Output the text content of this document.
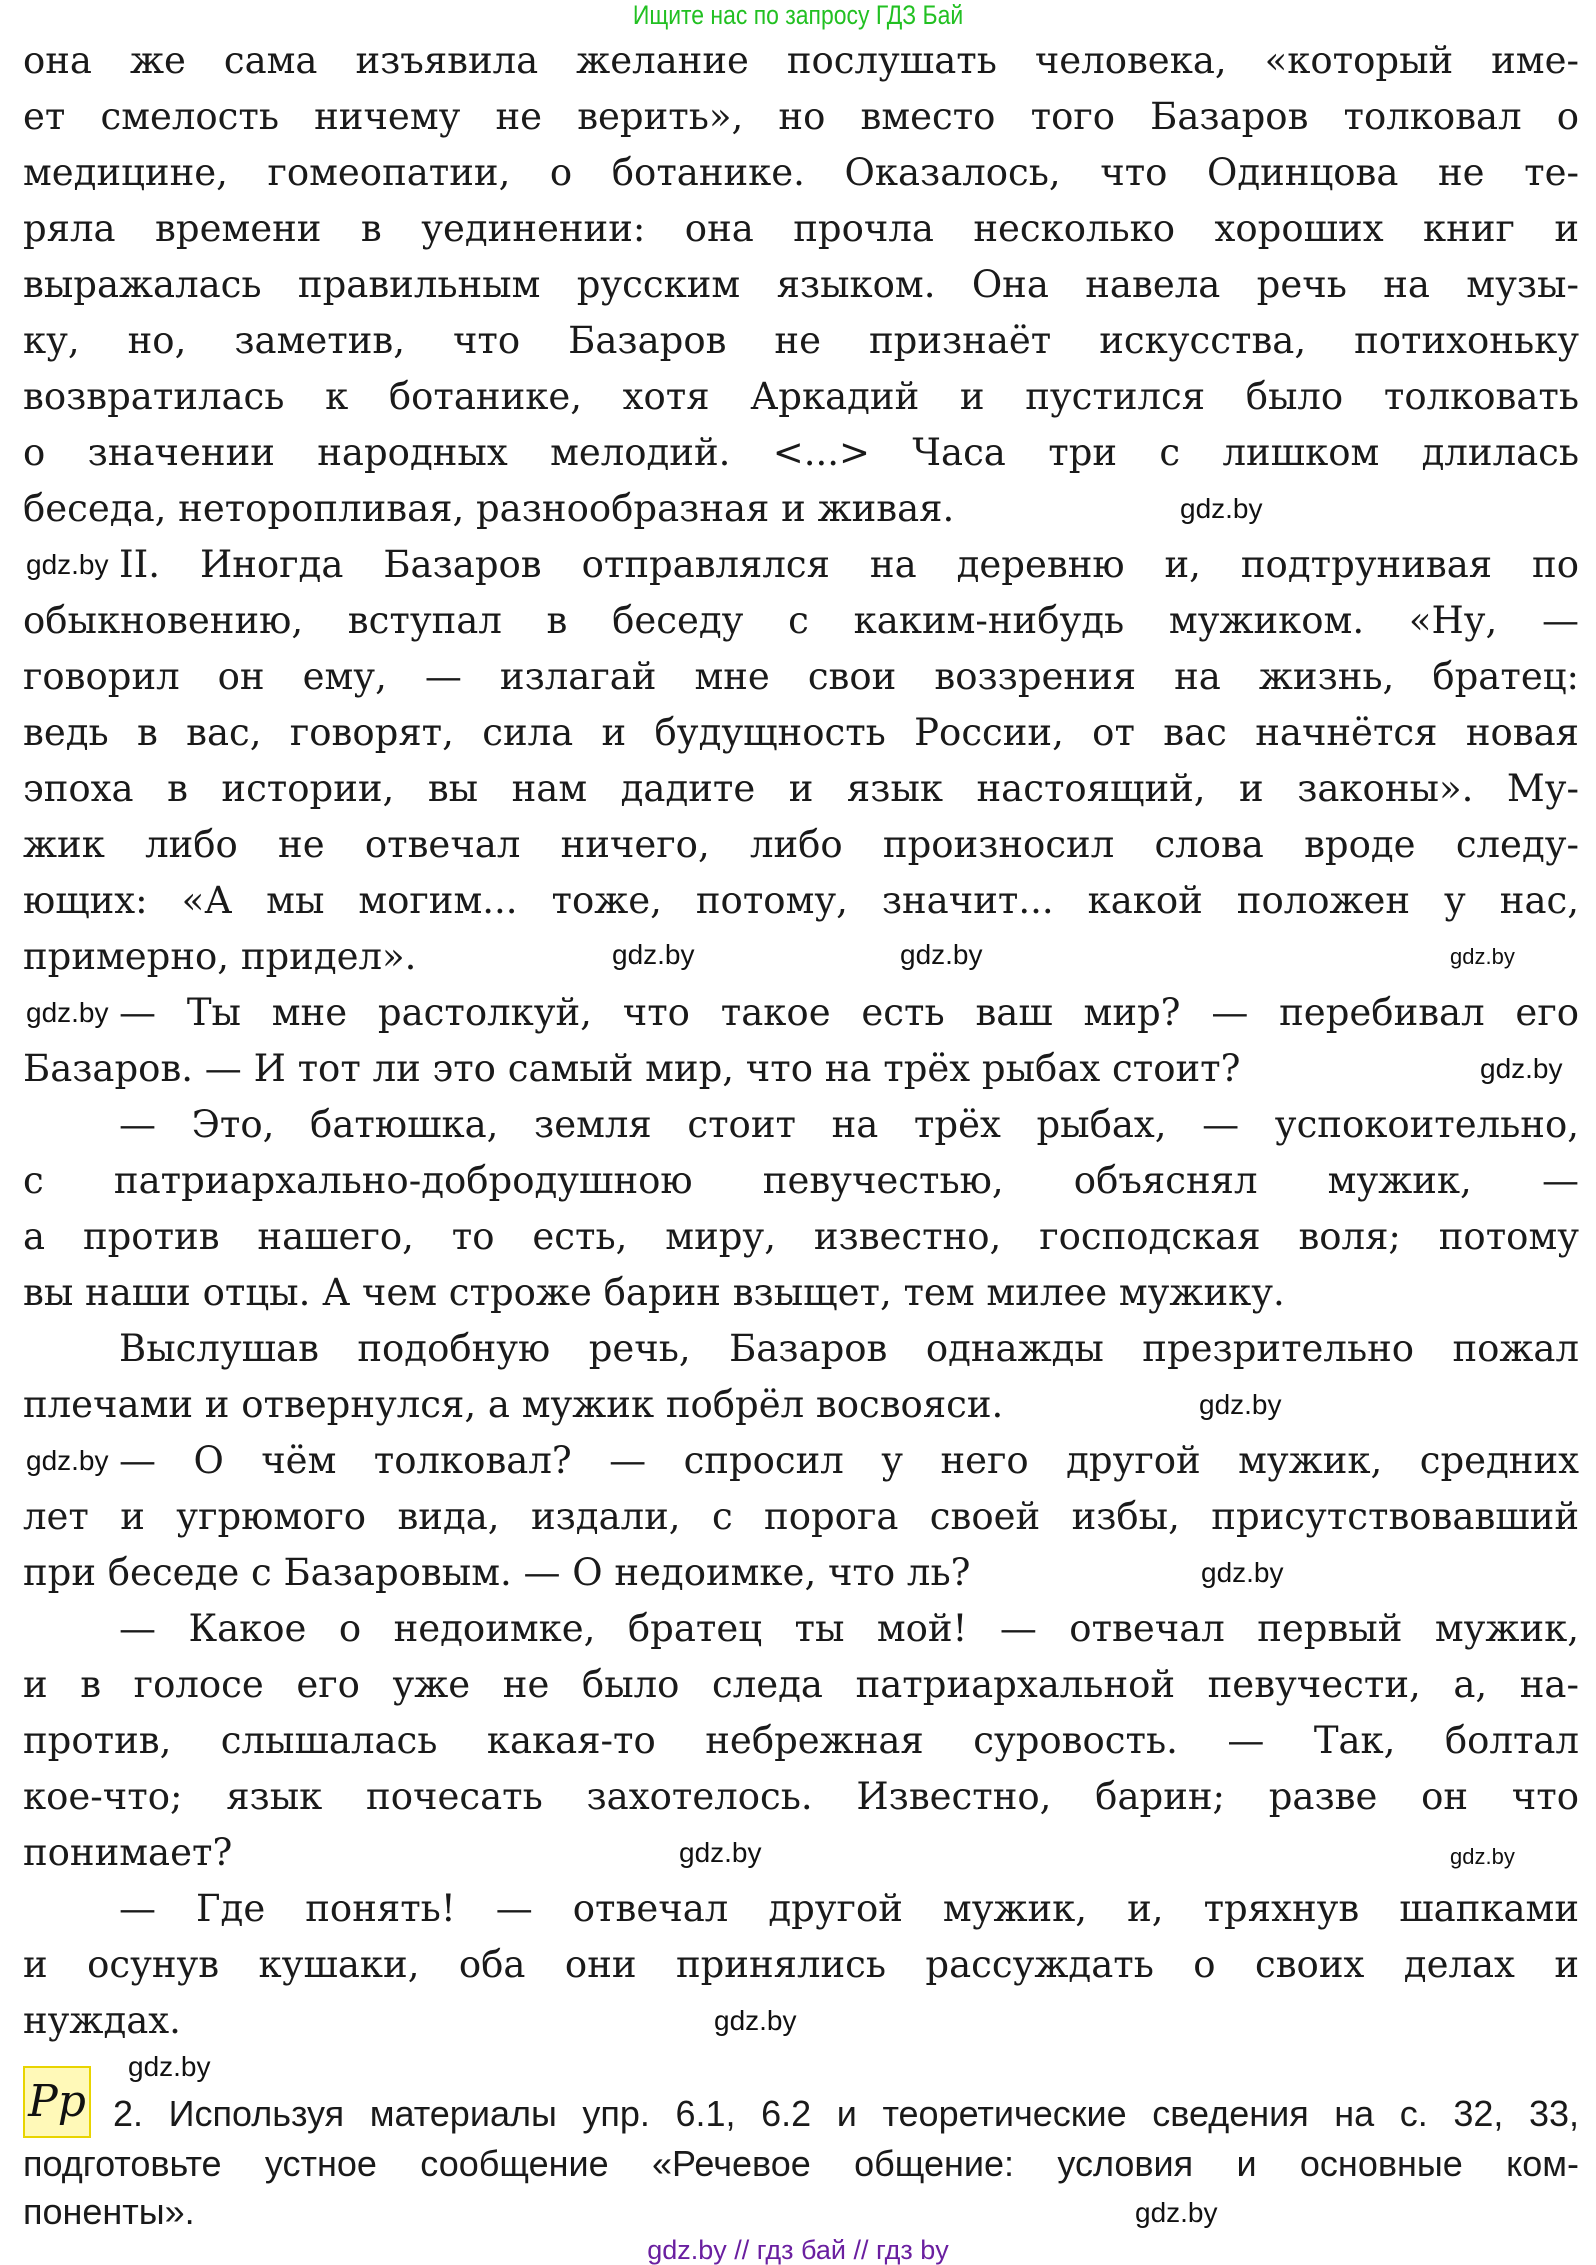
Ищите нас по запросу ГДЗ Бай
она же сама изъявила желание послушать человека, «который име-
ет смелость ничему не верить», но вместо того Базаров толковал о
медицине, гомеопатии, о ботанике. Оказалось, что Одинцова не те-
ряла времени в уединении: она прочла несколько хороших книг и
выражалась правильным русским языком. Она навела речь на музы-
ку, но, заметив, что Базаров не признаёт искусства, потихоньку
возвратилась к ботанике, хотя Аркадий и пустился было толковать
о значении народных мелодий. <...> Часа три с лишком длилась
беседа, неторопливая, разнообразная и живая.
II. Иногда Базаров отправлялся на деревню и, подтрунивая по
обыкновению, вступал в беседу с каким-нибудь мужиком. «Ну, —
говорил он ему, — излагай мне свои воззрения на жизнь, братец:
ведь в вас, говорят, сила и будущность России, от вас начнётся новая
эпоха в истории, вы нам дадите и язык настоящий, и законы». Му-
жик либо не отвечал ничего, либо произносил слова вроде следу-
ющих: «А мы могим... тоже, потому, значит... какой положен у нас,
примерно, придел».
— Ты мне растолкуй, что такое есть ваш мир? — перебивал его
Базаров. — И тот ли это самый мир, что на трёх рыбах стоит?
— Это, батюшка, земля стоит на трёх рыбах, — успокоительно,
с патриархально-добродушною певучестью, объяснял мужик, —
а против нашего, то есть, миру, известно, господская воля; потому
вы наши отцы. А чем строже барин взыщет, тем милее мужику.
Выслушав подобную речь, Базаров однажды презрительно пожал
плечами и отвернулся, а мужик побрёл восвояси.
— О чём толковал? — спросил у него другой мужик, средних
лет и угрюмого вида, издали, с порога своей избы, присутствовавший
при беседе с Базаровым. — О недоимке, что ль?
— Какое о недоимке, братец ты мой! — отвечал первый мужик,
и в голосе его уже не было следа патриархальной певучести, а, на-
против, слышалась какая-то небрежная суровость. — Так, болтал
кое-что; язык почесать захотелось. Известно, барин; разве он что
понимает?
— Где понять! — отвечал другой мужик, и, тряхнув шапками
и осунув кушаки, оба они принялись рассуждать о своих делах и
нуждах.
gdz.by
gdz.by
gdz.by
gdz.by
gdz.by
gdz.by
gdz.by
gdz.by
gdz.by
gdz.by
gdz.by	gdz.by
gdz.by
gdz.by
gdz.by
Pp 2. Используя материалы упр. 6.1, 6.2 и теоретические сведения на с. 32, 33,
подготовьте устное сообщение «Речевое общение: условия и основные ком-
поненты».
gdz.by // гдз бай // гдз by
